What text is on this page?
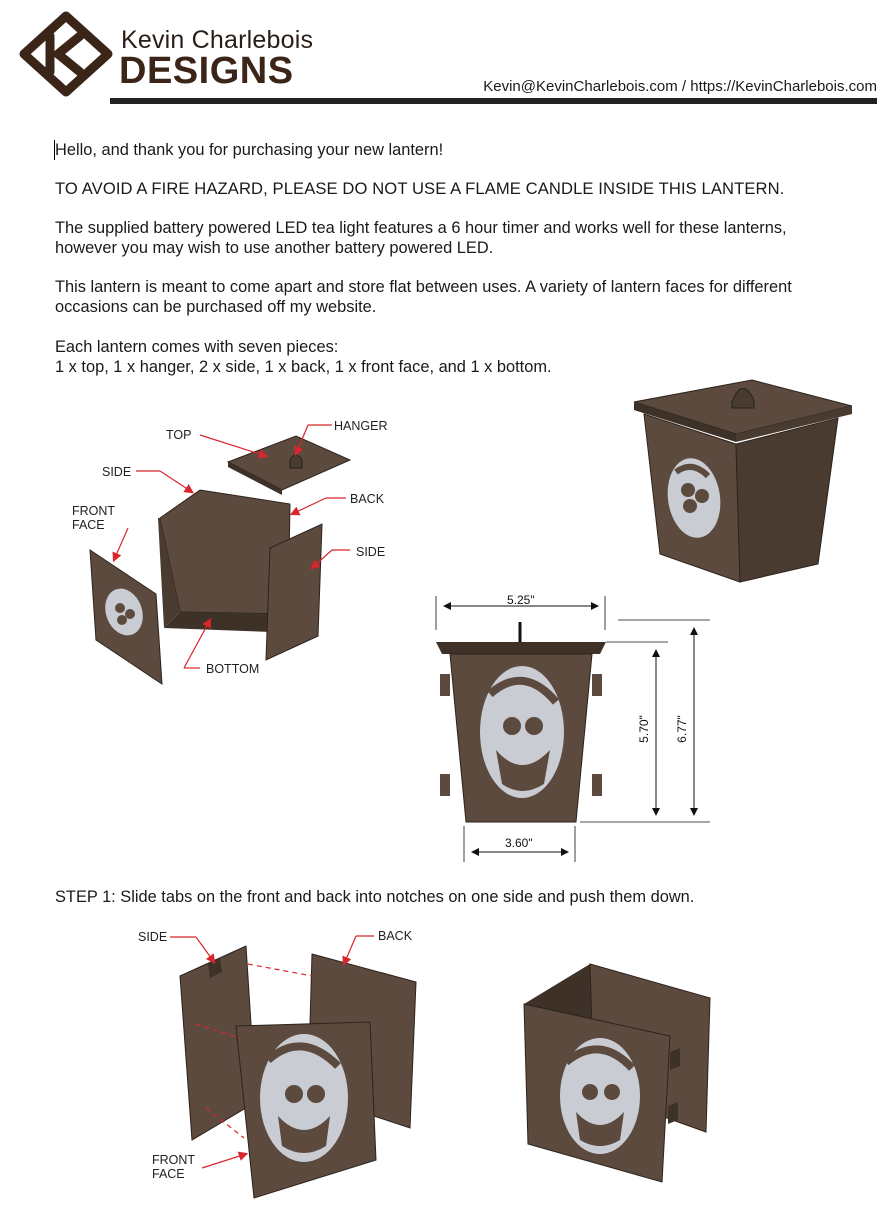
Kevin Charlebois
DESIGNS	Kevin@KevinCharlebois.com / https://KevinCharlebois.com
Hello, and thank you for purchasing your new lantern!
TO AVOID A FIRE HAZARD, PLEASE DO NOT USE A FLAME CANDLE INSIDE THIS LANTERN.
The supplied battery powered LED tea light features a 6 hour timer and works well for these lanterns,
however you may wish to use another battery powered LED.
This lantern is meant to come apart and store flat between uses. A variety of lantern faces for different
occasions can be purchased off my website.
Each lantern comes with seven pieces:
1 x top, 1 x hanger, 2 x side, 1 x back, 1 x front face, and 1 x bottom.
TOP
HANGER
SIDE
BACK
FRONT
FACE
SIDE
BOTTOM
5.25"
3.60"
5.70" 6.77"
STEP 1: Slide tabs on the front and back into notches on one side and push them down.
SIDE	BACK
FRONT
FACE
